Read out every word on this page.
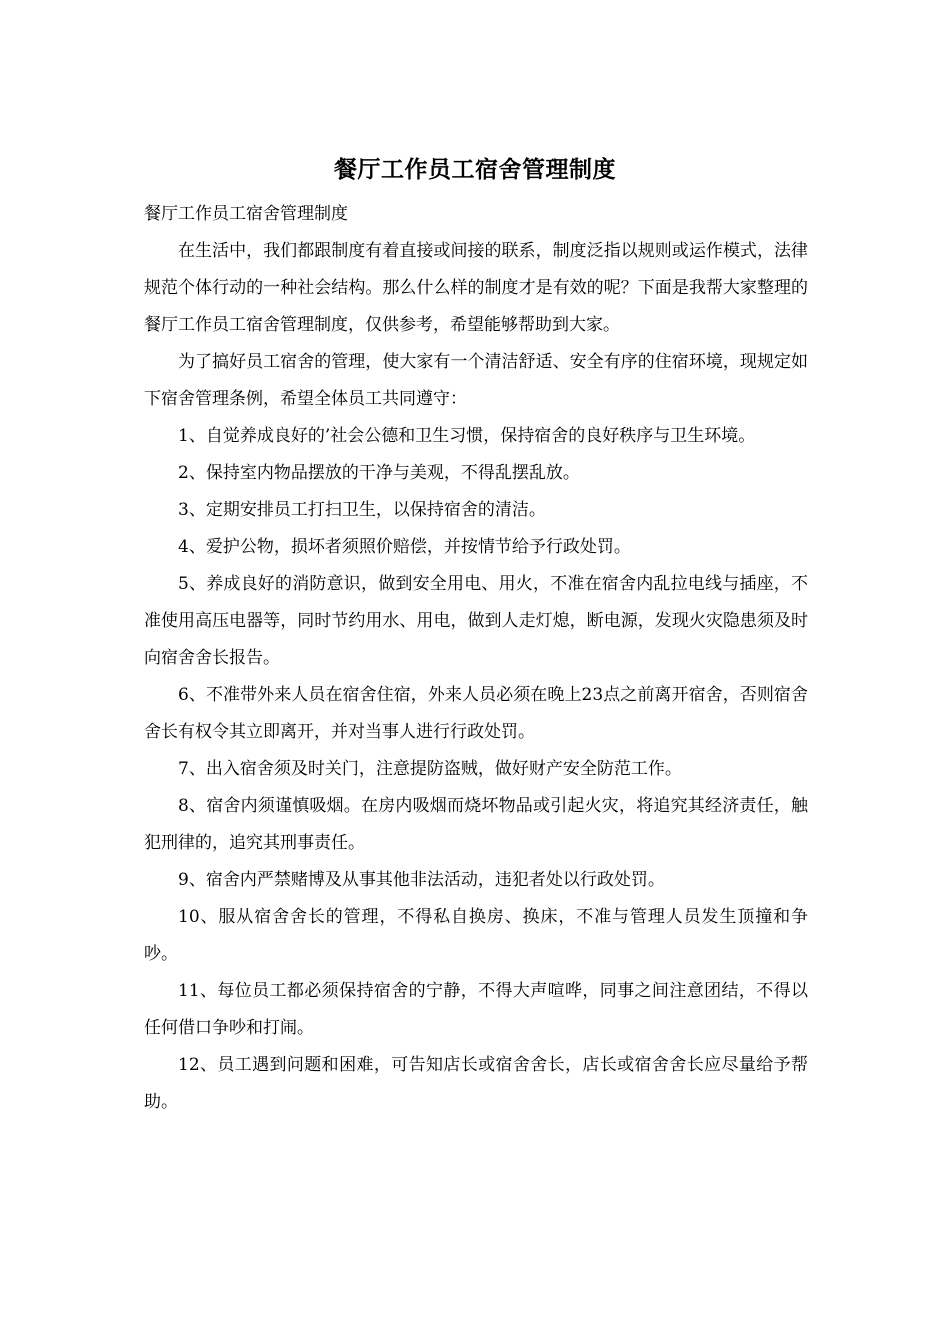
餐厅工作员工宿舍管理制度

餐厅工作员工宿舍管理制度

在生活中，我们都跟制度有着直接或间接的联系，制度泛指以规则或运作模式，法律规范个体行动的一种社会结构。那么什么样的制度才是有效的呢？下面是我帮大家整理的餐厅工作员工宿舍管理制度，仅供参考，希望能够帮助到大家。

为了搞好员工宿舍的管理，使大家有一个清洁舒适、安全有序的住宿环境，现规定如下宿舍管理条例，希望全体员工共同遵守：

1、自觉养成良好的’社会公德和卫生习惯，保持宿舍的良好秩序与卫生环境。

2、保持室内物品摆放的干净与美观，不得乱摆乱放。

3、定期安排员工打扫卫生，以保持宿舍的清洁。

4、爱护公物，损坏者须照价赔偿，并按情节给予行政处罚。

5、养成良好的消防意识，做到安全用电、用火，不准在宿舍内乱拉电线与插座，不准使用高压电器等，同时节约用水、用电，做到人走灯熄，断电源，发现火灾隐患须及时向宿舍舍长报告。

6、不准带外来人员在宿舍住宿，外来人员必须在晚上23点之前离开宿舍，否则宿舍舍长有权令其立即离开，并对当事人进行行政处罚。

7、出入宿舍须及时关门，注意提防盗贼，做好财产安全防范工作。

8、宿舍内须谨慎吸烟。在房内吸烟而烧坏物品或引起火灾，将追究其经济责任，触犯刑律的，追究其刑事责任。

9、宿舍内严禁赌博及从事其他非法活动，违犯者处以行政处罚。

10、服从宿舍舍长的管理，不得私自换房、换床，不准与管理人员发生顶撞和争吵。

11、每位员工都必须保持宿舍的宁静，不得大声喧哗，同事之间注意团结，不得以任何借口争吵和打闹。

12、员工遇到问题和困难，可告知店长或宿舍舍长，店长或宿舍舍长应尽量给予帮助。
